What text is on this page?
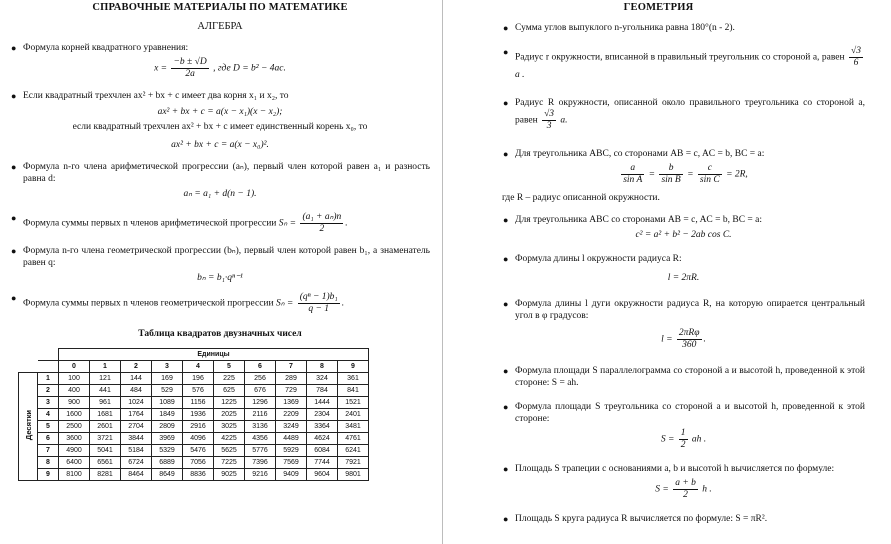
СПРАВОЧНЫЕ МАТЕРИАЛЫ ПО МАТЕМАТИКЕ
АЛГЕБРА
● Формула корней квадратного уравнения:
$x = \frac{-b \pm √D}{2a}$ , где D = b² − 4ac.
● Если квадратный трехчлен ax² + bx + c имеет два корня x₁ и x₂, то
ax² + bx + c = a(x − x₁)(x − x₂);
если квадратный трехчлен ax² + bx + c имеет единственный корень x₀, то
ax² + bx + c = a(x − x₀)².
● Формула n-го члена арифметической прогрессии (aₙ), первый член которой равен a₁ и разность равна d:
aₙ = a₁ + d(n − 1).
●
Формула суммы первых n членов арифметической прогрессии $S_n = \frac{\text{(a₁ + aₙ)n}}{2}$ .
● Формула n-го члена геометрической прогрессии (bₙ), первый член которой равен b₁, а знаменатель равен q:
bₙ = b₁·qⁿ⁻¹
●
Формула суммы первых n членов геометрической прогрессии $S_n = \frac{\text{(qⁿ − 1)b₁}}{q - 1}$ .
Таблица квадратов двузначных чисел
		Единицы									
		0	1	2	3	4	5	6	7	8	9
Десятки	1	100	121	144	169	196	225	256	289	324	361
	2	400	441	484	529	576	625	676	729	784	841
	3	900	961	1024	1089	1156	1225	1296	1369	1444	1521
	4	1600	1681	1764	1849	1936	2025	2116	2209	2304	2401
	5	2500	2601	2704	2809	2916	3025	3136	3249	3364	3481
	6	3600	3721	3844	3969	4096	4225	4356	4489	4624	4761
	7	4900	5041	5184	5329	5476	5625	5776	5929	6084	6241
	8	6400	6561	6724	6889	7056	7225	7396	7569	7744	7921
	9	8100	8281	8464	8649	8836	9025	9216	9409	9604	9801
ГЕОМЕТРИЯ
● Сумма углов выпуклого n-угольника равна 180°(n - 2).
●
Радиус r окружности, вписанной в правильный треугольник со стороной a, равен $\frac{√3}{6}$
a .
● Радиус R окружности, описанной около правильного треугольника со стороной a, равен $\frac{√3}{3} a$.
● Для треугольника ABC, со сторонами AB = c, AC = b, BC = a:
$\frac{a}{\text{sin A}} = \frac{b}{\text{sin B}} = \frac{c}{\text{sin C}} = 2R$,
где R – радиус описанной окружности.
● Для треугольника ABC со сторонами AB = c, AC = b, BC = a:
c² = a² + b² − 2ab cos C.
● Формула длины l окружности радиуса R:
l = 2πR.
● Формула длины l дуги окружности радиуса R, на которую опирается центральный угол в φ градусов:
$l = \frac{\text{2πRφ}}{360}$ .
● Формула площади S параллелограмма со стороной a и высотой h, проведенной к этой стороне: S = ah.
● Формула площади S треугольника со стороной a и высотой h, проведенной к этой стороне:
$S = \frac{1}{2}$ ah .
● Площадь S трапеции с основаниями a, b и высотой h вычисляется по формуле:
$S = \frac{a + b}{2}$ h .
● Площадь S круга радиуса R вычисляется по формуле: S = πR².
